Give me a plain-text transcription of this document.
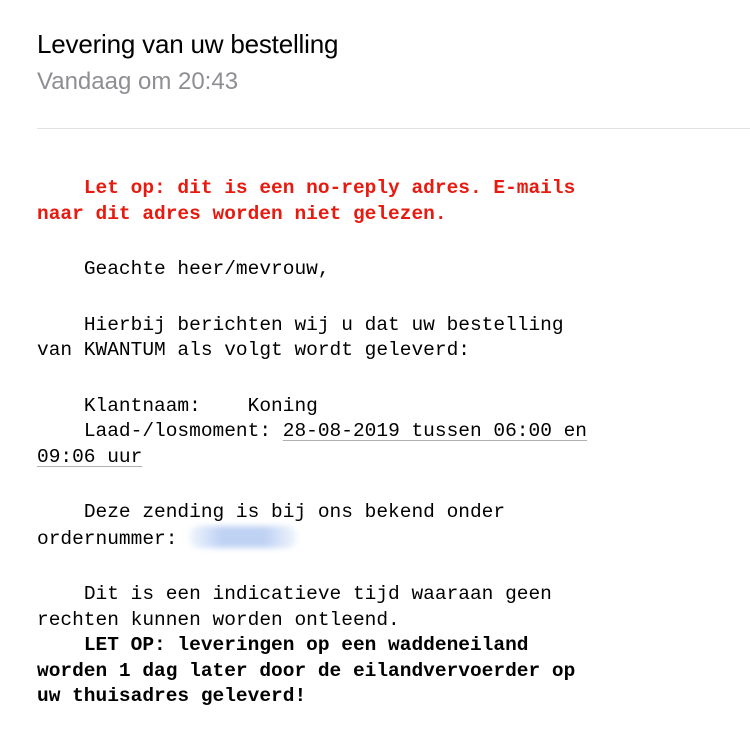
Levering van uw bestelling
Vandaag om 20:43

Let op: dit is een no-reply adres. E-mails
naar dit adres worden niet gelezen.

Geachte heer/mevrouw,

Hierbij berichten wij u dat uw bestelling
van KWANTUM als volgt wordt geleverd:

Klantnaam:    Koning

Laad-/losmoment: 28-08-2019 tussen 06:00 en
09:06 uur

Deze zending is bij ons bekend onder
ordernummer:

Dit is een indicatieve tijd waaraan geen
rechten kunnen worden ontleend.

LET OP: leveringen op een waddeneiland
worden 1 dag later door de eilandvervoerder op
uw thuisadres geleverd!
